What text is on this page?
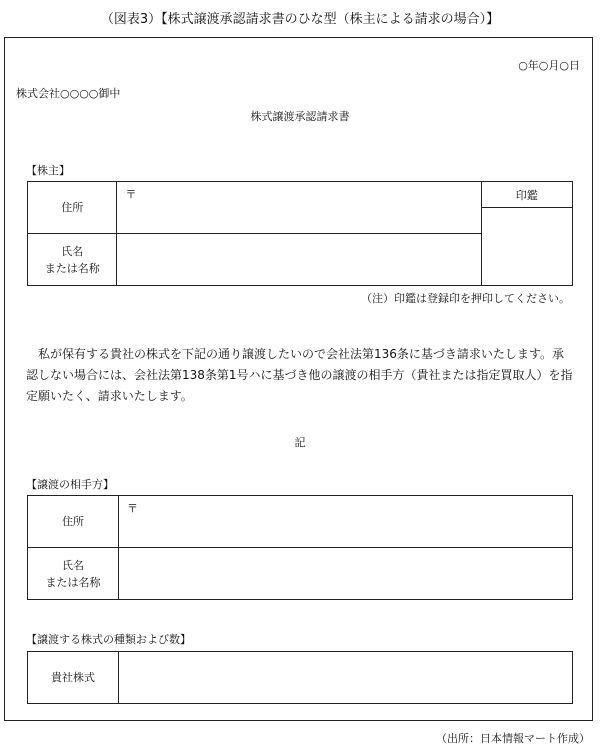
（図表3）【株式譲渡承認請求書のひな型（株主による請求の場合）】
○年○月○日
株式会社○○○○御中
株式譲渡承認請求書
【株主】
住所	〒	印鑑

氏名
または名称		

（注）印鑑は登録印を押印してください。
私が保有する貴社の株式を下記の通り譲渡したいので会社法第136条に基づき請求いたします。承認しない場合には、会社法第138条第1号ハに基づき他の譲渡の相手方（貴社または指定買取人）を指定願いたく、請求いたします。
記
【譲渡の相手方】
住所	〒

氏名
または名称	

【譲渡する株式の種類および数】
貴社株式	
（出所：日本情報マート作成）
